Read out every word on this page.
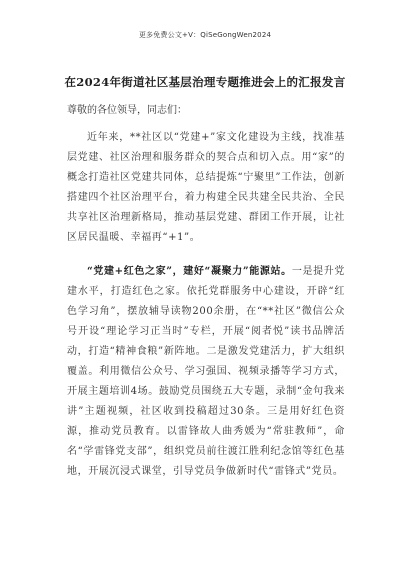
更多免费公文+V：QiSeGongWen2024
在2024年街道社区基层治理专题推进会上的汇报发言
尊敬的各位领导，同志们：

近年来，**社区以“党建+”家文化建设为主线，找准基层党建、社区治理和服务群众的契合点和切入点。用“家”的概念打造社区党建共同体，总结提炼“宁聚里”工作法，创新搭建四个社区治理平台，着力构建全民共建全民共治、全民共享社区治理新格局，推动基层党建、群团工作开展，让社区居民温暖、幸福再“+1”。

“党建+红色之家”，建好“凝聚力”能源站。一是提升党建水平，打造红色之家。依托党群服务中心建设，开辟“红色学习角”，摆放辅导读物200余册，在“**社区”微信公众号开设“理论学习正当时”专栏，开展“阅者悦”读书品牌活动，打造“精神食粮”新阵地。二是激发党建活力，扩大组织覆盖。利用微信公众号、学习强国、视频录播等学习方式，开展主题培训4场。鼓励党员围绕五大专题，录制“金句我来讲”主题视频，社区收到投稿超过30条。三是用好红色资源，推动党员教育。以雷锋故人曲秀媛为“常驻教师”，命名“学雷锋党支部”，组织党员前往渡江胜利纪念馆等红色基地，开展沉浸式课堂，引导党员争做新时代“雷锋式”党员。
